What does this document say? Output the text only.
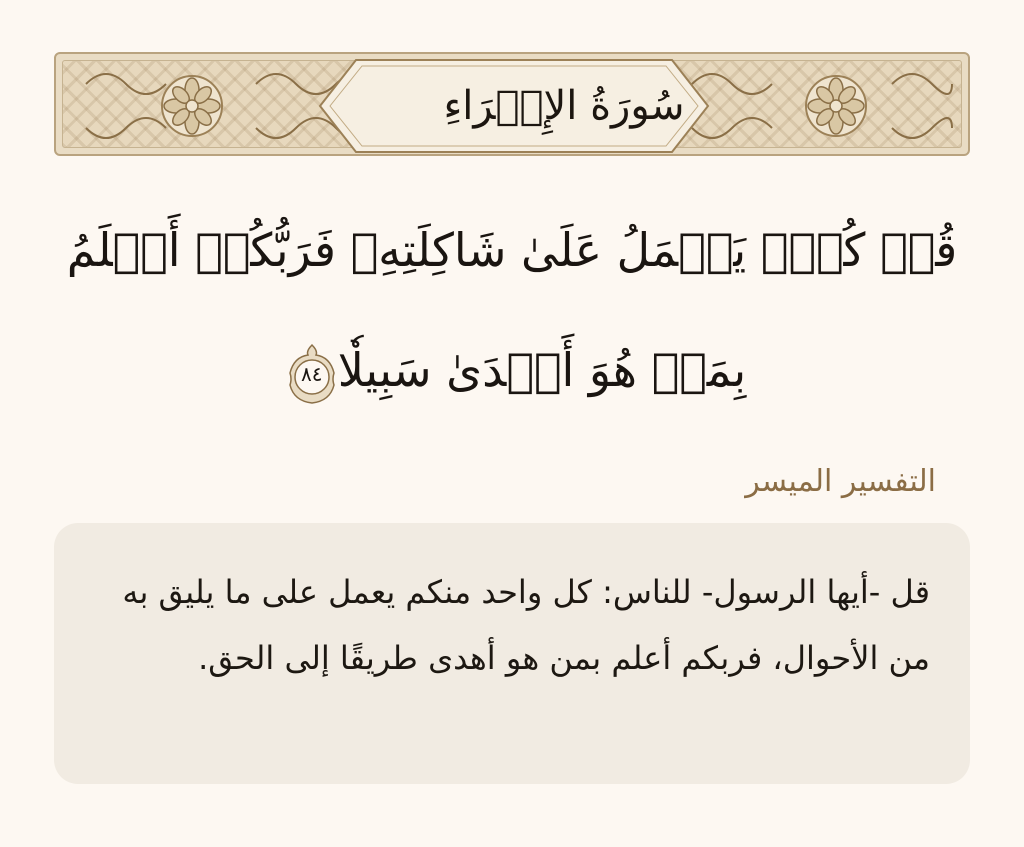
سُورَةُ الإِسۡرَاءِ
قُلۡ كُلّٞ يَعۡمَلُ عَلَىٰ شَاكِلَتِهِۦ فَرَبُّكُمۡ أَعۡلَمُ
بِمَنۡ هُوَ أَهۡدَىٰ سَبِيلٗا
٨٤
التفسير الميسر

قل -أيها الرسول- للناس: كل واحد منكم يعمل على ما يليق به من الأحوال، فربكم أعلم بمن هو أهدى طريقًا إلى الحق.
